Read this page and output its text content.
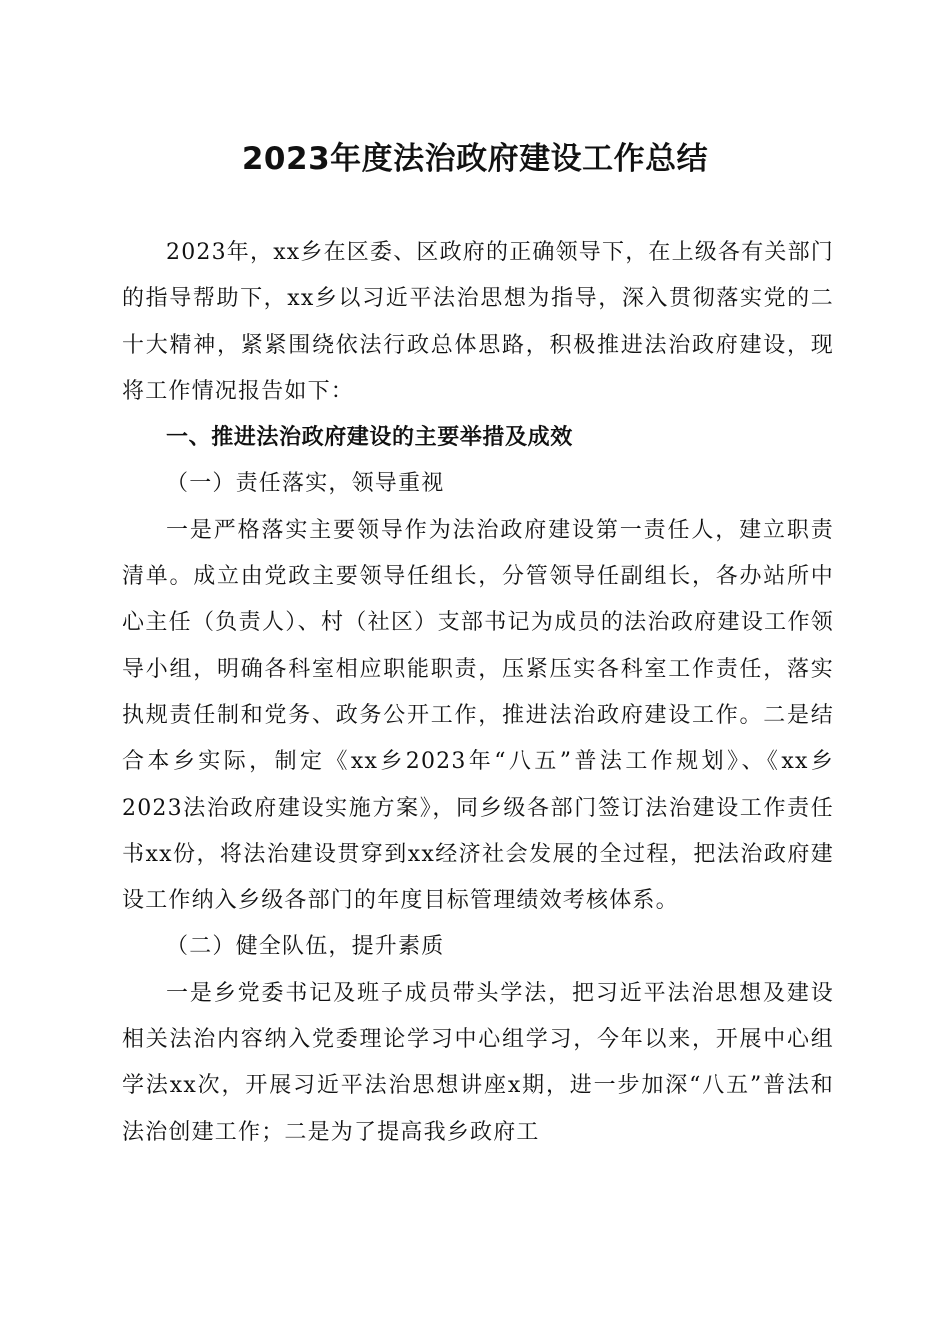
2023年度法治政府建设工作总结

2023年，xx乡在区委、区政府的正确领导下，在上级各有关部门的指导帮助下，xx乡以习近平法治思想为指导，深入贯彻落实党的二十大精神，紧紧围绕依法行政总体思路，积极推进法治政府建设，现将工作情况报告如下：

一、推进法治政府建设的主要举措及成效

（一）责任落实，领导重视

一是严格落实主要领导作为法治政府建设第一责任人，建立职责清单。成立由党政主要领导任组长，分管领导任副组长，各办站所中心主任（负责人）、村（社区）支部书记为成员的法治政府建设工作领导小组，明确各科室相应职能职责，压紧压实各科室工作责任，落实执规责任制和党务、政务公开工作，推进法治政府建设工作。二是结合本乡实际，制定《xx乡2023年“八五”普法工作规划》、《xx乡2023法治政府建设实施方案》，同乡级各部门签订法治建设工作责任书xx份，将法治建设贯穿到xx经济社会发展的全过程，把法治政府建设工作纳入乡级各部门的年度目标管理绩效考核体系。

（二）健全队伍，提升素质

一是乡党委书记及班子成员带头学法，把习近平法治思想及建设相关法治内容纳入党委理论学习中心组学习，今年以来，开展中心组学法xx次，开展习近平法治思想讲座x期，进一步加深“八五”普法和法治创建工作；二是为了提高我乡政府工
